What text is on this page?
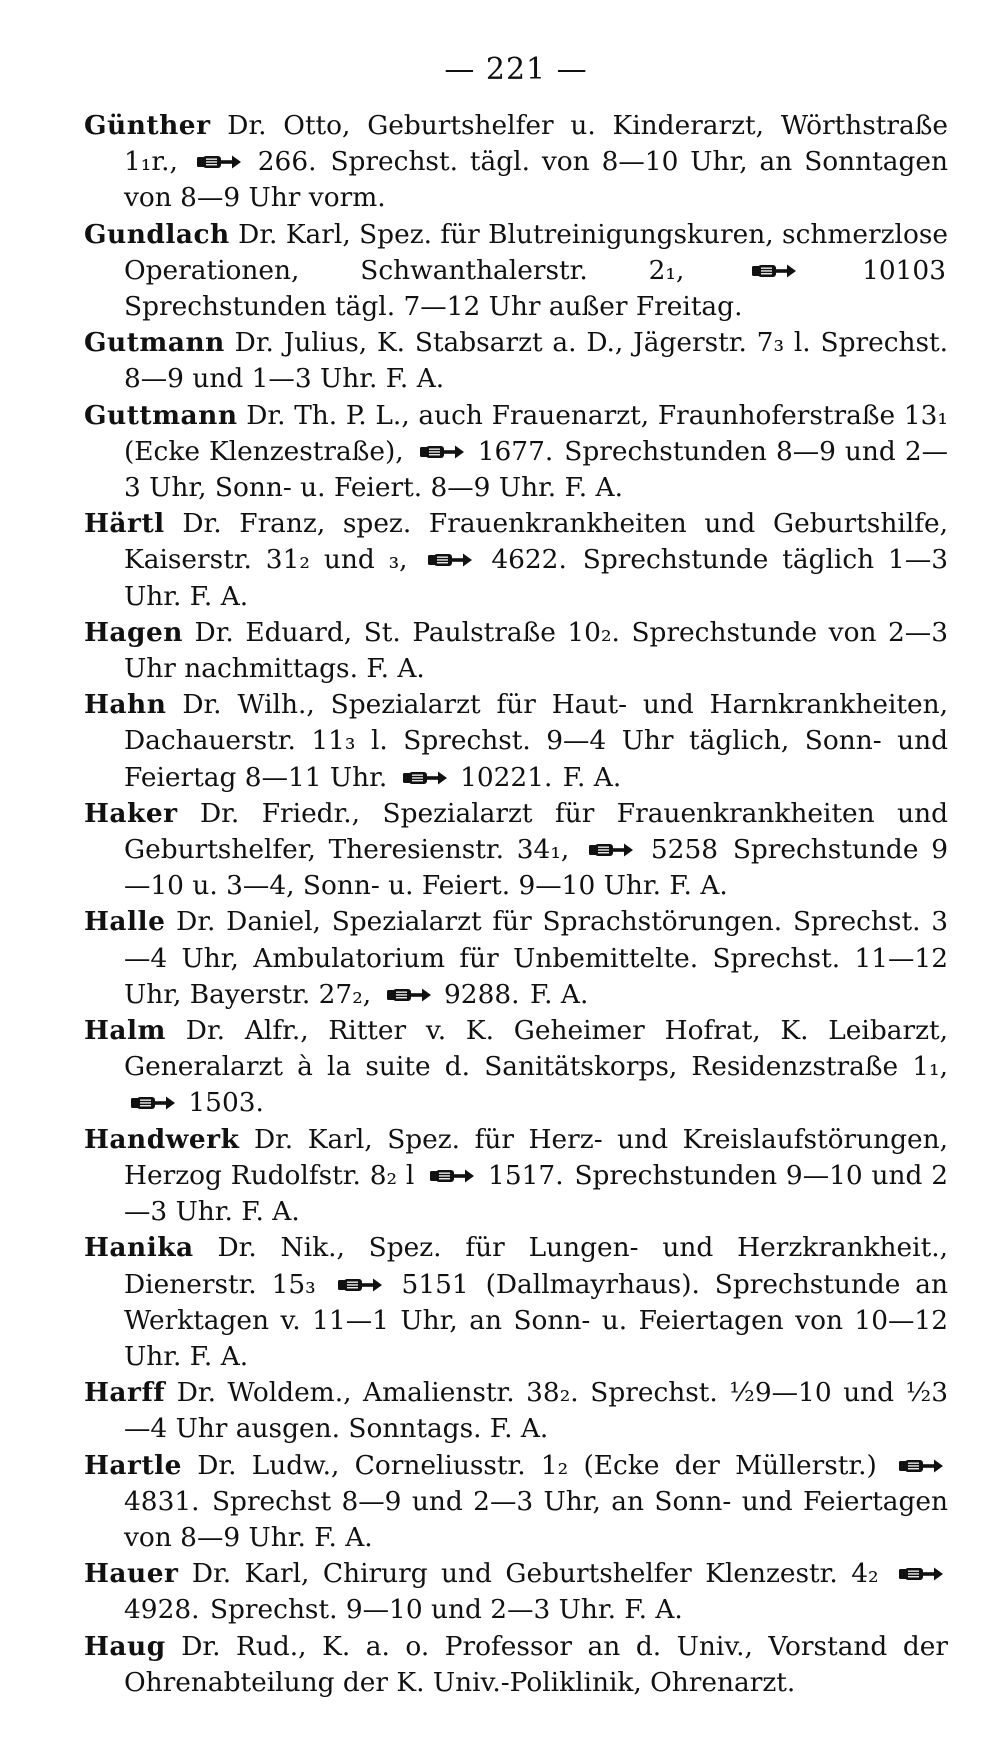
— 221 —

Günther Dr. Otto, Geburtshelfer u. Kinderarzt, Wörthstraße 1₁r.,	266. Sprechst. tägl. von 8—10 Uhr, an Sonntagen von 8—9 Uhr vorm.

Gundlach Dr. Karl, Spez. für Blutreinigungskuren, schmerzlose Operationen, Schwanthalerstr. 2₁,	10103 Sprechstunden tägl. 7—12 Uhr außer Freitag.

Gutmann Dr. Julius, K. Stabsarzt a. D., Jägerstr. 7₃ l. Sprechst. 8—9 und 1—3 Uhr. F. A.

Guttmann Dr. Th. P. L., auch Frauenarzt, Fraunhoferstraße 13₁ (Ecke Klenzestraße),	1677. Sprechstunden 8—9 und 2—3 Uhr, Sonn- u. Feiert. 8—9 Uhr. F. A.

Härtl Dr. Franz, spez. Frauenkrankheiten und Geburtshilfe, Kaiserstr. 31₂ und ₃,	4622. Sprechstunde täglich 1—3 Uhr. F. A.

Hagen Dr. Eduard, St. Paulstraße 10₂. Sprechstunde von 2—3 Uhr nachmittags. F. A.

Hahn Dr. Wilh., Spezialarzt für Haut- und Harnkrankheiten, Dachauerstr. 11₃ l. Sprechst. 9—4 Uhr täglich, Sonn- und Feiertag 8—11 Uhr.	10221. F. A.

Haker Dr. Friedr., Spezialarzt für Frauenkrankheiten und Geburtshelfer, Theresienstr. 34₁,	5258 Sprechstunde 9—10 u. 3—4, Sonn- u. Feiert. 9—10 Uhr. F. A.

Halle Dr. Daniel, Spezialarzt für Sprachstörungen. Sprechst. 3—4 Uhr, Ambulatorium für Unbemittelte. Sprechst. 11—12 Uhr, Bayerstr. 27₂,	9288. F. A.

Halm Dr. Alfr., Ritter v. K. Geheimer Hofrat, K. Leibarzt, Generalarzt à la suite d. Sanitätskorps, Residenzstraße 1₁,
1503.

Handwerk Dr. Karl, Spez. für Herz- und Kreislaufstörungen, Herzog Rudolfstr. 8₂ l	1517. Sprechstunden 9—10 und 2—3 Uhr. F. A.

Hanika Dr. Nik., Spez. für Lungen- und Herzkrankheit., Dienerstr. 15₃	5151 (Dallmayrhaus). Sprechstunde an Werktagen v. 11—1 Uhr, an Sonn- u. Feiertagen von 10—12 Uhr. F. A.

Harff Dr. Woldem., Amalienstr. 38₂. Sprechst. ½9—10 und ½3—4 Uhr ausgen. Sonntags. F. A.

Hartle Dr. Ludw., Corneliusstr. 1₂ (Ecke der Müllerstr.)
4831. Sprechst 8—9 und 2—3 Uhr, an Sonn- und Feiertagen von 8—9 Uhr. F. A.

Hauer Dr. Karl, Chirurg und Geburtshelfer Klenzestr. 4₂
4928. Sprechst. 9—10 und 2—3 Uhr. F. A.

Haug Dr. Rud., K. a. o. Professor an d. Univ., Vorstand der Ohrenabteilung der K. Univ.-Poliklinik, Ohrenarzt.
